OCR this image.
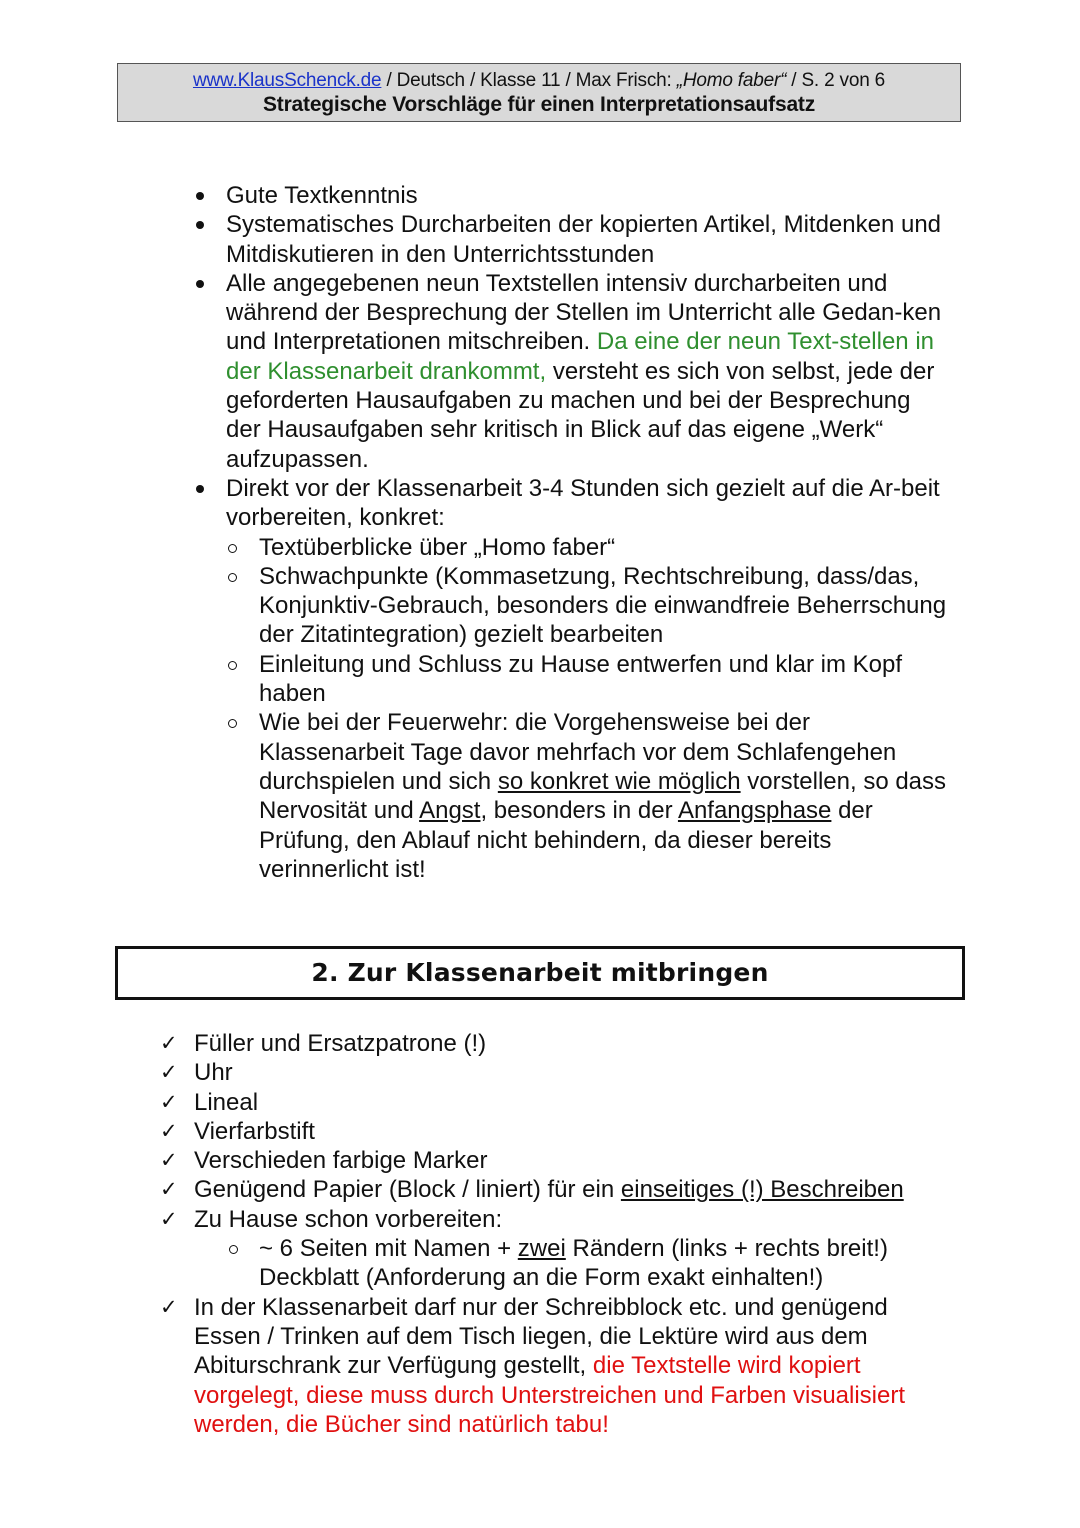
www.KlausSchenck.de / Deutsch / Klasse 11 / Max Frisch: „Homo faber“ / S. 2 von 6
Strategische Vorschläge für einen Interpretationsaufsatz
Gute Textkenntnis
Systematisches Durcharbeiten der kopierten Artikel, Mitdenken und Mitdiskutieren in den Unterrichtsstunden
Alle angegebenen neun Textstellen intensiv durcharbeiten und während der Besprechung der Stellen im Unterricht alle Gedan-ken und Interpretationen mitschreiben. Da eine der neun Text-stellen in der Klassenarbeit drankommt, versteht es sich von selbst, jede der geforderten Hausaufgaben zu machen und bei der Besprechung der Hausaufgaben sehr kritisch in Blick auf das eigene „Werk“ aufzupassen.
Direkt vor der Klassenarbeit 3-4 Stunden sich gezielt auf die Ar-beit vorbereiten, konkret:
Textüberblicke über „Homo faber“
Schwachpunkte (Kommasetzung, Rechtschreibung, dass/das, Konjunktiv-Gebrauch, besonders die einwandfreie Beherrschung der Zitatintegration) gezielt bearbeiten
Einleitung und Schluss zu Hause entwerfen und klar im Kopf haben
Wie bei der Feuerwehr: die Vorgehensweise bei der Klassenarbeit Tage davor mehrfach vor dem Schlafengehen durchspielen und sich so konkret wie möglich vorstellen, so dass Nervosität und Angst, besonders in der Anfangsphase der Prüfung, den Ablauf nicht behindern, da dieser bereits verinnerlicht ist!
2. Zur Klassenarbeit mitbringen
✓ Füller und Ersatzpatrone (!)
✓ Uhr
✓ Lineal
✓ Vierfarbstift
✓ Verschieden farbige Marker
✓ Genügend Papier (Block / liniert) für ein einseitiges (!) Beschreiben
✓ Zu Hause schon vorbereiten:
~ 6 Seiten mit Namen + zwei Rändern (links + rechts breit!) Deckblatt (Anforderung an die Form exakt einhalten!)
✓ In der Klassenarbeit darf nur der Schreibblock etc. und genügend Essen / Trinken auf dem Tisch liegen, die Lektüre wird aus dem Abiturschrank zur Verfügung gestellt, die Textstelle wird kopiert vorgelegt, diese muss durch Unterstreichen und Farben visualisiert werden, die Bücher sind natürlich tabu!
